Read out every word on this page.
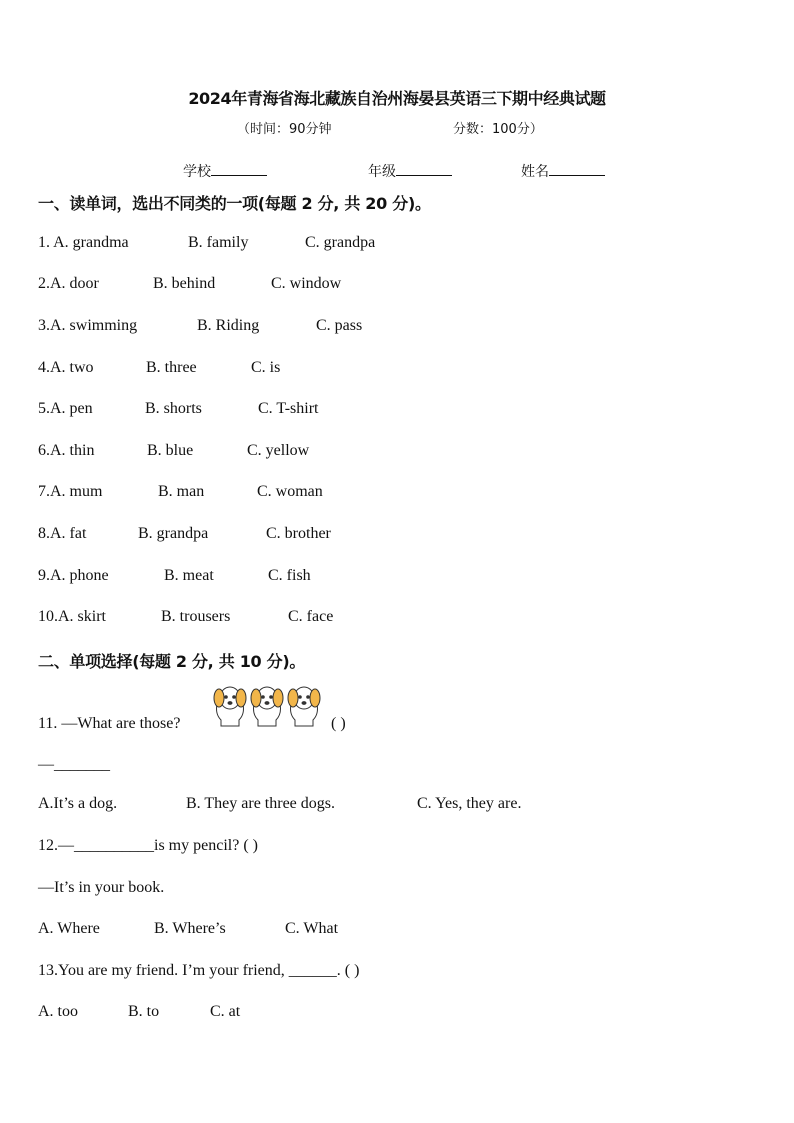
2024年青海省海北藏族自治州海晏县英语三下期中经典试题
（时间：90分钟	分数：100分）
学校	年级	姓名
一、读单词，选出不同类的一项(每题 2 分, 共 20 分)。
1. A. grandma	B. family	C. grandpa
2.A. door	B. behind	C. window
3.A. swimming	B. Riding	C. pass
4.A. two	B. three	C. is
5.A. pen	B. shorts	C. T-shirt
6.A. thin	B. blue	C. yellow
7.A. mum	B. man	C. woman
8.A. fat	B. grandpa	C. brother
9.A. phone	B. meat	C. fish
10.A. skirt	B. trousers	C. face
二、单项选择(每题 2 分, 共 10 分)。
11. —What are those?	( )
—_______
A.It’s a dog.	B. They are three dogs.	C. Yes, they are.
12.—__________is my pencil? ( )
—It’s in your book.
A. Where	B. Where’s	C. What
13.You are my friend. I’m your friend, ______. ( )
A. too	B. to	C. at
